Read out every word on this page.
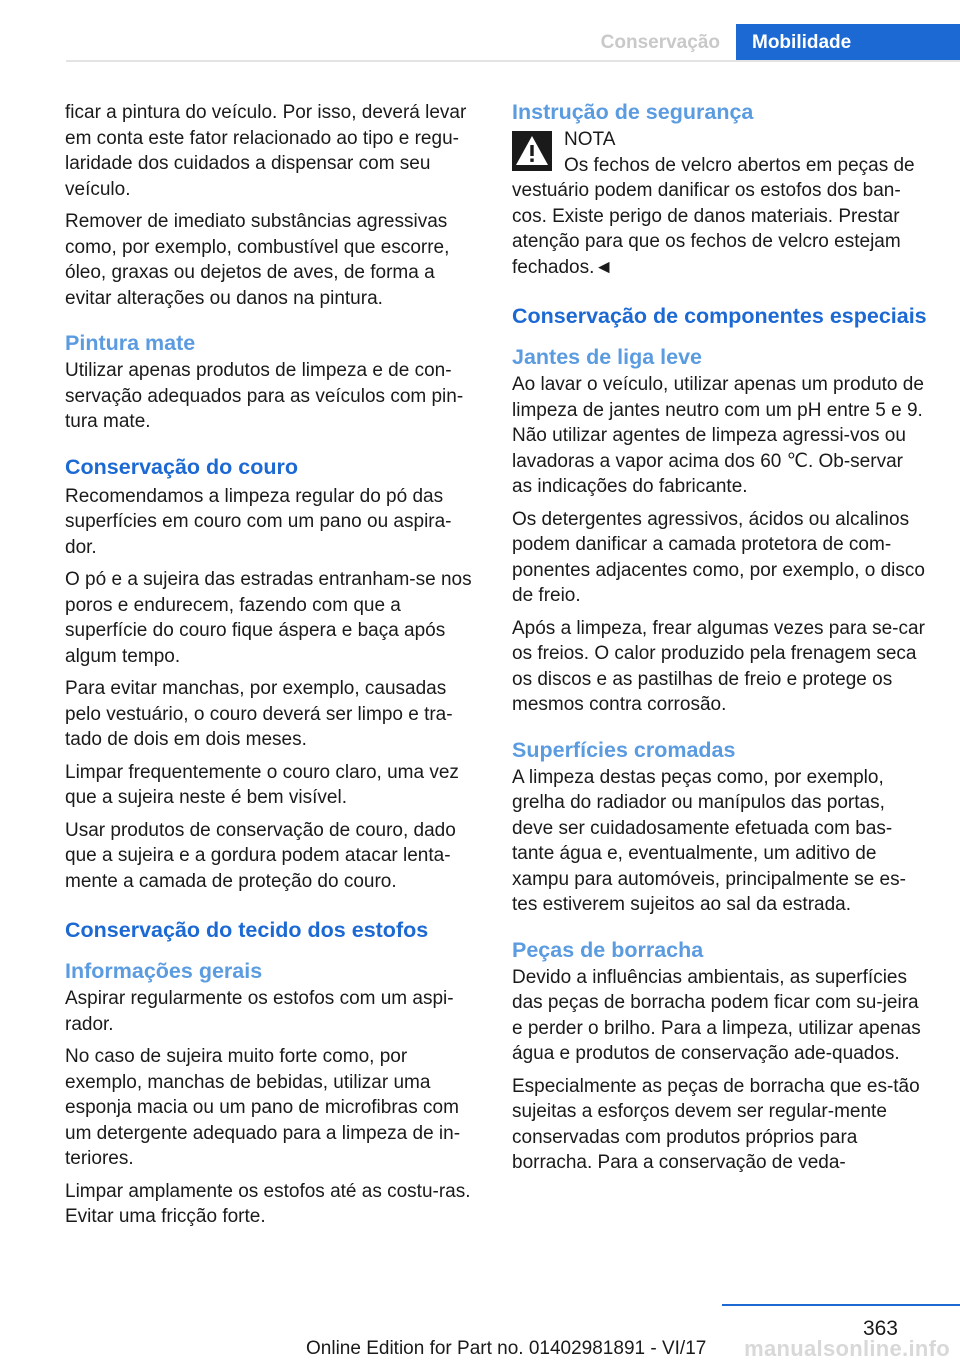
Conservação	Mobilidade

ficar a pintura do veículo. Por isso, deverá levar em conta este fator relacionado ao tipo e regu-laridade dos cuidados a dispensar com seu veículo.

Remover de imediato substâncias agressivas como, por exemplo, combustível que escorre, óleo, graxas ou dejetos de aves, de forma a evitar alterações ou danos na pintura.

Pintura mate

Utilizar apenas produtos de limpeza e de con-servação adequados para as veículos com pin-tura mate.

Conservação do couro

Recomendamos a limpeza regular do pó das superfícies em couro com um pano ou aspira-dor.

O pó e a sujeira das estradas entranham-se nos poros e endurecem, fazendo com que a superfície do couro fique áspera e baça após algum tempo.

Para evitar manchas, por exemplo, causadas pelo vestuário, o couro deverá ser limpo e tra-tado de dois em dois meses.

Limpar frequentemente o couro claro, uma vez que a sujeira neste é bem visível.

Usar produtos de conservação de couro, dado que a sujeira e a gordura podem atacar lenta-mente a camada de proteção do couro.

Conservação do tecido dos estofos
Informações gerais

Aspirar regularmente os estofos com um aspi-rador.

No caso de sujeira muito forte como, por exemplo, manchas de bebidas, utilizar uma esponja macia ou um pano de microfibras com um detergente adequado para a limpeza de in-teriores.

Limpar amplamente os estofos até as costu-ras. Evitar uma fricção forte.

Instrução de segurança
NOTA
Os fechos de velcro abertos em peças de vestuário podem danificar os estofos dos ban-cos. Existe perigo de danos materiais. Prestar atenção para que os fechos de velcro estejam fechados.◄
Conservação de componentes especiais
Jantes de liga leve

Ao lavar o veículo, utilizar apenas um produto de limpeza de jantes neutro com um pH entre 5 e 9. Não utilizar agentes de limpeza agressi-vos ou lavadoras a vapor acima dos 60 ℃. Ob-servar as indicações do fabricante.

Os detergentes agressivos, ácidos ou alcalinos podem danificar a camada protetora de com-ponentes adjacentes como, por exemplo, o disco de freio.

Após a limpeza, frear algumas vezes para se-car os freios. O calor produzido pela frenagem seca os discos e as pastilhas de freio e protege os mesmos contra corrosão.

Superfícies cromadas

A limpeza destas peças como, por exemplo, grelha do radiador ou manípulos das portas, deve ser cuidadosamente efetuada com bas-tante água e, eventualmente, um aditivo de xampu para automóveis, principalmente se es-tes estiverem sujeitos ao sal da estrada.

Peças de borracha

Devido a influências ambientais, as superfícies das peças de borracha podem ficar com su-jeira e perder o brilho. Para a limpeza, utilizar apenas água e produtos de conservação ade-quados.

Especialmente as peças de borracha que es-tão sujeitas a esforços devem ser regular-mente conservadas com produtos próprios para borracha. Para a conservação de veda-

363
Online Edition for Part no. 01402981891 - VI/17 manualsonline.info
